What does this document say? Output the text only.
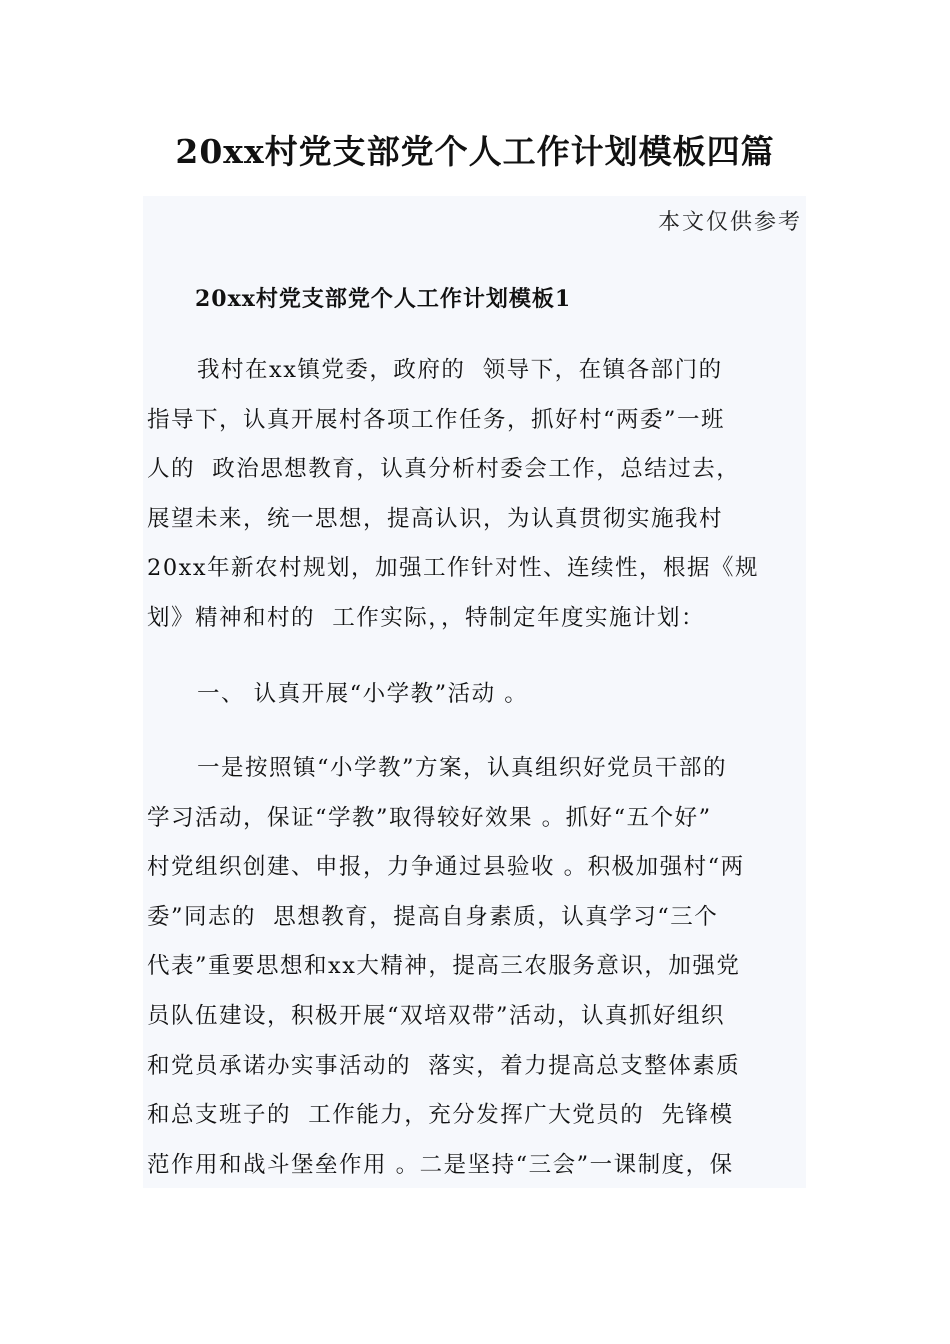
20xx村党支部党个人工作计划模板四篇
本文仅供参考
20xx村党支部党个人工作计划模板1
我村在xx镇党委，政府的  领导下，在镇各部门的
指导下，认真开展村各项工作任务，抓好村“两委”一班
人的  政治思想教育，认真分析村委会工作，总结过去，
展望未来，统一思想，提高认识，为认真贯彻实施我村
20xx年新农村规划，加强工作针对性、连续性，根据《规
划》精神和村的  工作实际，，特制定年度实施计划：
一、 认真开展“小学教”活动 。
一是按照镇“小学教”方案，认真组织好党员干部的
学习活动，保证“学教”取得较好效果 。抓好“五个好”
村党组织创建、申报，力争通过县验收 。积极加强村“两
委”同志的  思想教育，提高自身素质，认真学习“三个
代表”重要思想和xx大精神，提高三农服务意识，加强党
员队伍建设，积极开展“双培双带”活动，认真抓好组织
和党员承诺办实事活动的  落实，着力提高总支整体素质
和总支班子的  工作能力，充分发挥广大党员的  先锋模
范作用和战斗堡垒作用 。二是坚持“三会”一课制度，保
